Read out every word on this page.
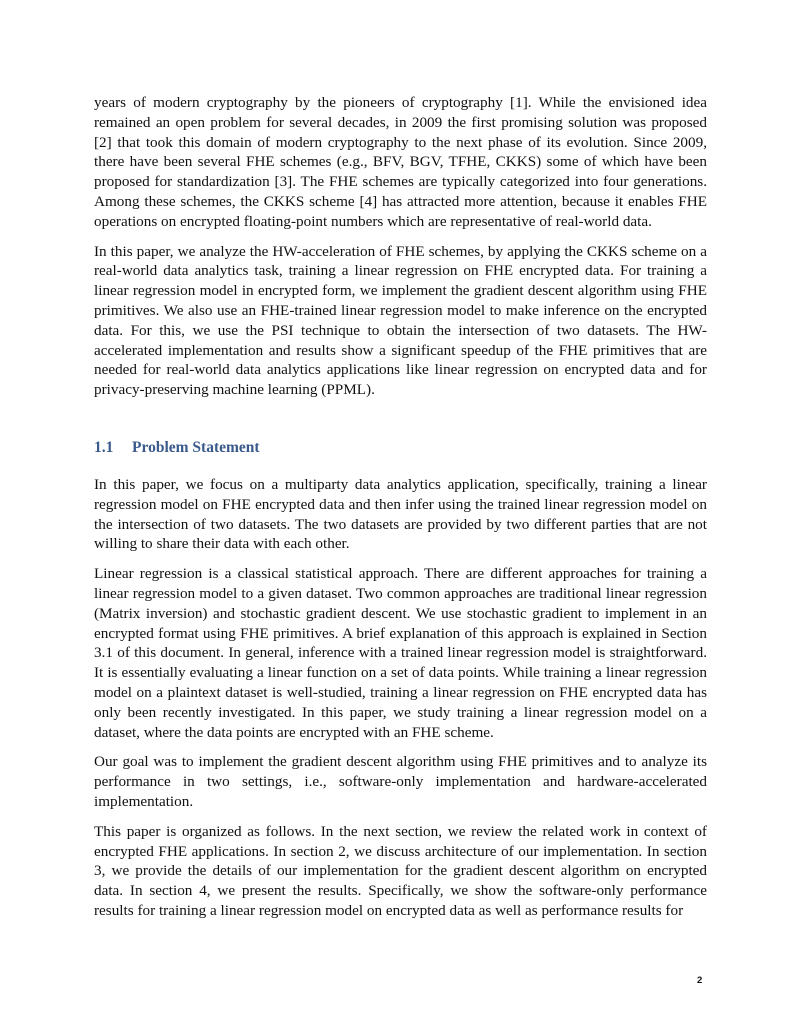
years of modern cryptography by the pioneers of cryptography [1]. While the envisioned idea remained an open problem for several decades, in 2009 the first promising solution was proposed [2] that took this domain of modern cryptography to the next phase of its evolution. Since 2009, there have been several FHE schemes (e.g., BFV, BGV, TFHE, CKKS) some of which have been proposed for standardization [3]. The FHE schemes are typically categorized into four generations. Among these schemes, the CKKS scheme [4] has attracted more attention, because it enables FHE operations on encrypted floating-point numbers which are representative of real-world data.

In this paper, we analyze the HW-acceleration of FHE schemes, by applying the CKKS scheme on a real-world data analytics task, training a linear regression on FHE encrypted data. For training a linear regression model in encrypted form, we implement the gradient descent algorithm using FHE primitives. We also use an FHE-trained linear regression model to make inference on the encrypted data. For this, we use the PSI technique to obtain the intersection of two datasets. The HW-accelerated implementation and results show a significant speedup of the FHE primitives that are needed for real-world data analytics applications like linear regression on encrypted data and for privacy-preserving machine learning (PPML).

1.1 Problem Statement

In this paper, we focus on a multiparty data analytics application, specifically, training a linear regression model on FHE encrypted data and then infer using the trained linear regression model on the intersection of two datasets. The two datasets are provided by two different parties that are not willing to share their data with each other.

Linear regression is a classical statistical approach. There are different approaches for training a linear regression model to a given dataset. Two common approaches are traditional linear regression (Matrix inversion) and stochastic gradient descent. We use stochastic gradient to implement in an encrypted format using FHE primitives. A brief explanation of this approach is explained in Section 3.1 of this document. In general, inference with a trained linear regression model is straightforward. It is essentially evaluating a linear function on a set of data points. While training a linear regression model on a plaintext dataset is well-studied, training a linear regression on FHE encrypted data has only been recently investigated. In this paper, we study training a linear regression model on a dataset, where the data points are encrypted with an FHE scheme.

Our goal was to implement the gradient descent algorithm using FHE primitives and to analyze its performance in two settings, i.e., software-only implementation and hardware-accelerated implementation.

This paper is organized as follows. In the next section, we review the related work in context of encrypted FHE applications. In section 2, we discuss architecture of our implementation. In section 3, we provide the details of our implementation for the gradient descent algorithm on encrypted data. In section 4, we present the results. Specifically, we show the software-only performance results for training a linear regression model on encrypted data as well as performance results for

2
